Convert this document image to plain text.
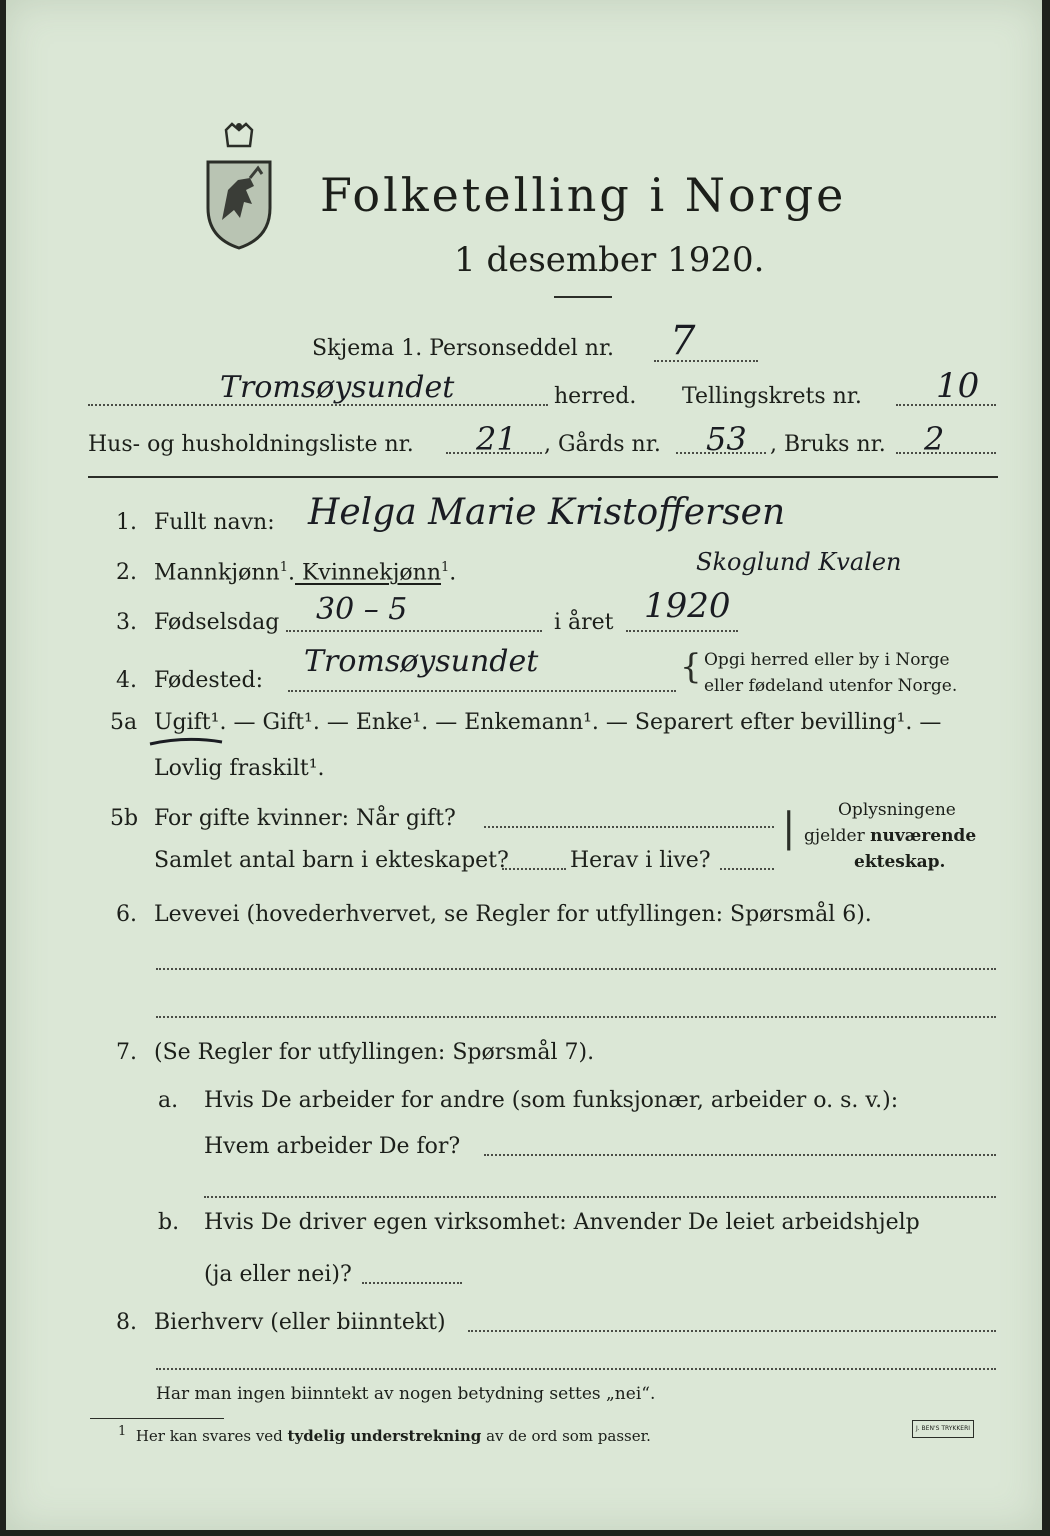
Folketelling i Norge
1 desember 1920.
Skjema 1. Personseddel nr. 7
Tromsøysundet	herred. Tellingskrets nr. 10
Hus- og husholdningsliste nr. 21 , Gårds nr. 53 , Bruks nr. 2
1. Fullt navn: Helga Marie Kristoffersen
Skoglund Kvalen
2. Mannkjønn$^1$. Kvinnekjønn$^1$.
3. Fødselsdag 30 – 5	i året 1920
4. Fødested:
Tromsøysundet	{ Opgi herred eller by i Norge
eller fødeland utenfor Norge.
5a Ugift¹. — Gift¹. — Enke¹. — Enkemann¹. — Separert efter bevilling¹. —
Lovlig fraskilt¹.
5b For gifte kvinner: Når gift?
Samlet antal barn i ekteskapet?	Herav i live?
|	Oplysningene
gjelder nuværende
ekteskap.
6. Levevei (hovederhvervet, se Regler for utfyllingen: Spørsmål 6).
7. (Se Regler for utfyllingen: Spørsmål 7).
a. Hvis De arbeider for andre (som funksjonær, arbeider o. s. v.):
Hvem arbeider De for?
b. Hvis De driver egen virksomhet: Anvender De leiet arbeidshjelp
(ja eller nei)?
8. Bierhverv (eller biinntekt)
Har man ingen biinntekt av nogen betydning settes „nei“.
1 Her kan svares ved tydelig understrekning av de ord som passer.	J. BEN'S TRYKKERI
